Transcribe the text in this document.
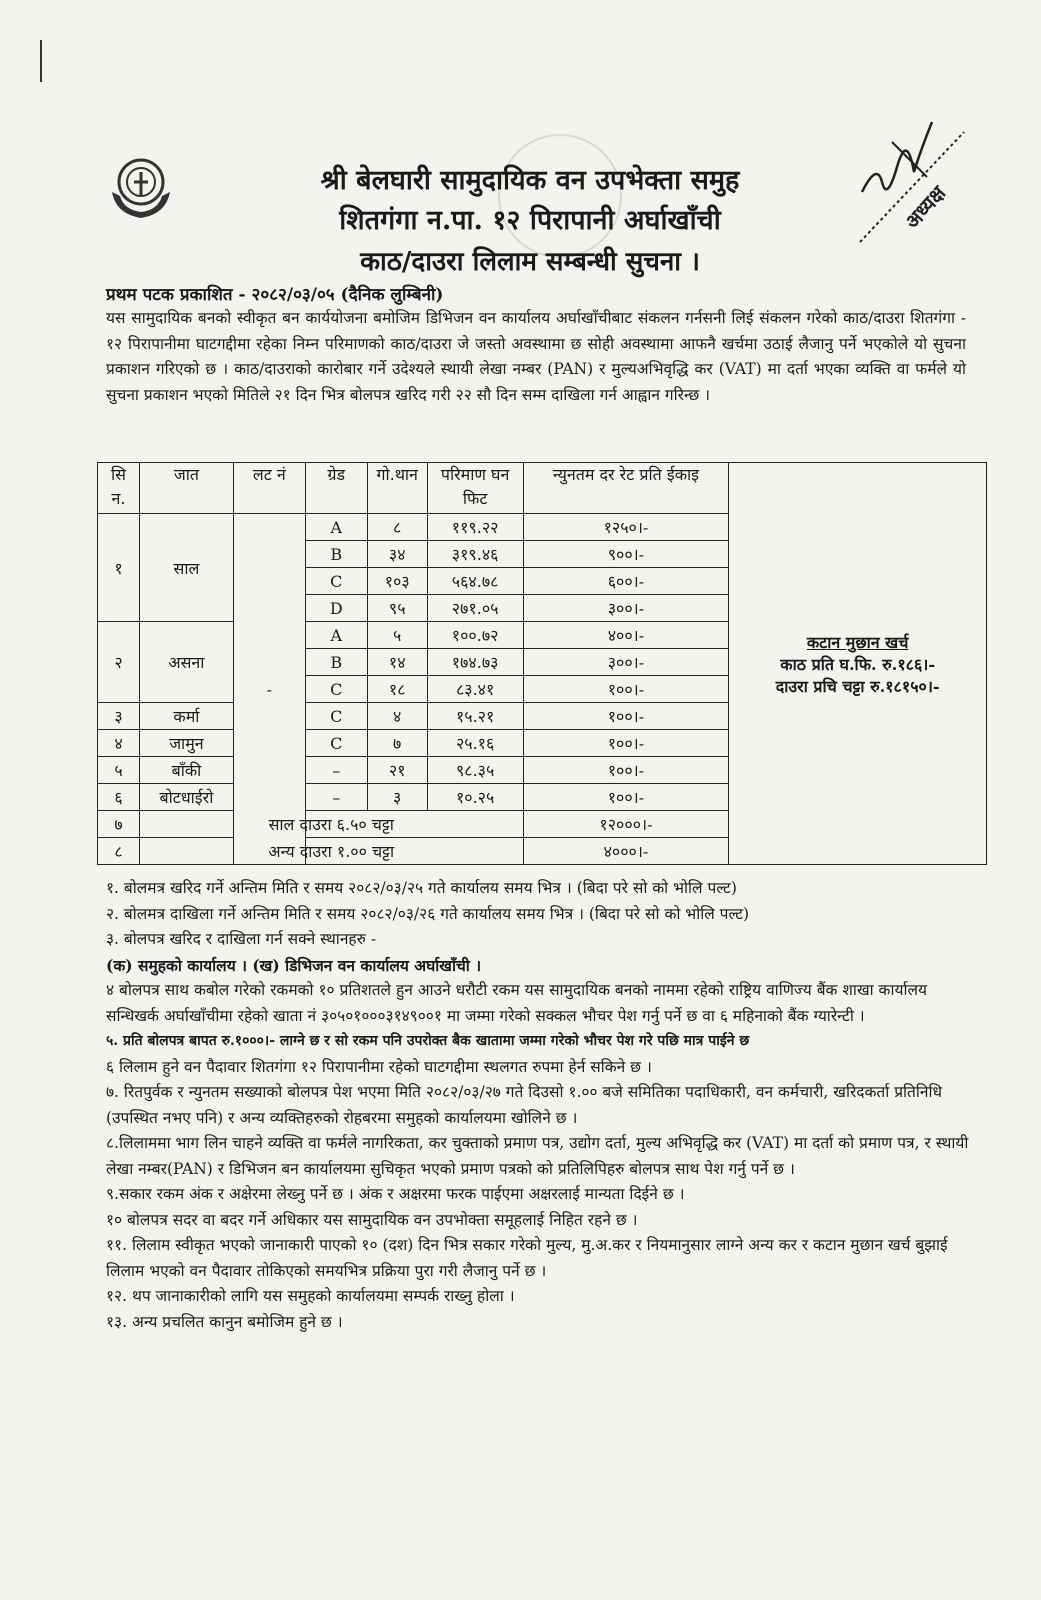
अध्यक्ष
श्री बेलघारी सामुदायिक वन उपभेक्ता समुह
शितगंगा न.पा. १२ पिरापानी अर्घाखाँची
काठ/दाउरा लिलाम सम्बन्धी सुचना ।
प्रथम पटक प्रकाशित - २०८२/०३/०५ (दैनिक लुम्बिनी)
यस सामुदायिक बनको स्वीकृत बन कार्ययोजना बमोजिम डिभिजन वन कार्यालय अर्घाखाँचीबाट संकलन गर्नसनी लिई संकलन गरेको काठ/दाउरा शितगंगा - १२ पिरापानीमा घाटगद्दीमा रहेका निम्न परिमाणको काठ/दाउरा जे जस्तो अवस्थामा छ सोही अवस्थामा आफनै खर्चमा उठाई लैजानु पर्ने भएकोले यो सुचना प्रकाशन गरिएको छ । काठ/दाउराको कारोबार गर्ने उदेश्यले स्थायी लेखा नम्बर (PAN) र मुल्यअभिवृद्धि कर (VAT) मा दर्ता भएका व्यक्ति वा फर्मले यो सुचना प्रकाशन भएको मितिले २१ दिन भित्र बोलपत्र खरिद गरी २२ सौ दिन सम्म दाखिला गर्न आह्वान गरिन्छ ।
सि न.	जात	लट नं	ग्रेड	गो.थान	परिमाण घन फिट	न्युनतम दर रेट प्रति ईकाइ	कटान मुछान खर्च
काठ प्रति घ.फि. रु.१८६।-
दाउरा प्रचि चट्टा रु.१८१५०।-

१	साल	-	A	८	११९.२२	१२५०।-	
			B	३४	३१९.४६	९००।-	
			C	१०३	५६४.७८	६००।-	
			D	९५	२७१.०५	३००।-	
२	असना		A	५	१००.७२	४००।-	
			B	१४	१७४.७३	३००।-	
			C	१८	८३.४१	१००।-	
३	कर्मा		C	४	१५.२१	१००।-	
४	जामुन		C	७	२५.१६	१००।-	
५	बाँकी		–	२१	९८.३५	१००।-	
६	बोटधाईरो		–	३	१०.२५	१००।-	
७	साल दाउरा ६.५० चट्टा					१२०००।-	
८	अन्य दाउरा १.०० चट्टा					४०००।-	

१. बोलमत्र खरिद गर्ने अन्तिम मिति र समय २०८२/०३/२५ गते कार्यालय समय भित्र । (बिदा परे सो को भोलि पल्ट)

२. बोलमत्र दाखिला गर्ने अन्तिम मिति र समय २०८२/०३/२६ गते कार्यालय समय भित्र । (बिदा परे सो को भोलि पल्ट)

३. बोलपत्र खरिद र दाखिला गर्न सक्ने स्थानहरु -

(क) समुहको कार्यालय । (ख) डिभिजन वन कार्यालय अर्घाखाँची ।

४ बोलपत्र साथ कबोल गरेको रकमको १० प्रतिशतले हुन आउने धरौटी रकम यस सामुदायिक बनको नाममा रहेको राष्ट्रिय वाणिज्य बैंक शाखा कार्यालय सन्धिखर्क अर्घाखाँचीमा रहेको खाता नं ३०५०१०००३१४९००१ मा जम्मा गरेको सक्कल भौचर पेश गर्नु पर्ने छ वा ६ महिनाको बैंक ग्यारेन्टी ।

५. प्रति बोलपत्र बापत रु.१०००।- लाग्ने छ र सो रकम पनि उपरोक्त बैक खातामा जम्मा गरेको भौचर पेश गरे पछि मात्र पाईने छ

६ लिलाम हुने वन पैदावार शितगंगा १२ पिरापानीमा रहेको घाटगद्दीमा स्थलगत रुपमा हेर्न सकिने छ ।

७. रितपुर्वक र न्युनतम सख्याको बोलपत्र पेश भएमा मिति २०८२/०३/२७ गते दिउसो १.०० बजे समितिका पदाधिकारी, वन कर्मचारी, खरिदकर्ता प्रतिनिधि (उपस्थित नभए पनि) र अन्य व्यक्तिहरुको रोहबरमा समुहको कार्यालयमा खोलिने छ ।

८.लिलाममा भाग लिन चाहने व्यक्ति वा फर्मले नागरिकता, कर चुक्ताको प्रमाण पत्र, उद्योग दर्ता, मुल्य अभिवृद्धि कर (VAT) मा दर्ता को प्रमाण पत्र, र स्थायी लेखा नम्बर(PAN) र डिभिजन बन कार्यालयमा सुचिकृत भएको प्रमाण पत्रको को प्रतिलिपिहरु बोलपत्र साथ पेश गर्नु पर्ने छ ।

९.सकार रकम अंक र अक्षेरमा लेख्नु पर्ने छ । अंक र अक्षरमा फरक पाईएमा अक्षरलाई मान्यता दिईने छ ।

१० बोलपत्र सदर वा बदर गर्ने अधिकार यस सामुदायिक वन उपभोक्ता समूहलाई निहित रहने छ ।

११. लिलाम स्वीकृत भएको जानाकारी पाएको १० (दश) दिन भित्र सकार गरेको मुल्य, मु.अ.कर र नियमानुसार लाग्ने अन्य कर र कटान मुछान खर्च बुझाई लिलाम भएको वन पैदावार तोकिएको समयभित्र प्रक्रिया पुरा गरी लैजानु पर्ने छ ।

१२. थप जानाकारीको लागि यस समुहको कार्यालयमा सम्पर्क राख्नु होला ।

१३. अन्य प्रचलित कानुन बमोजिम हुने छ ।
